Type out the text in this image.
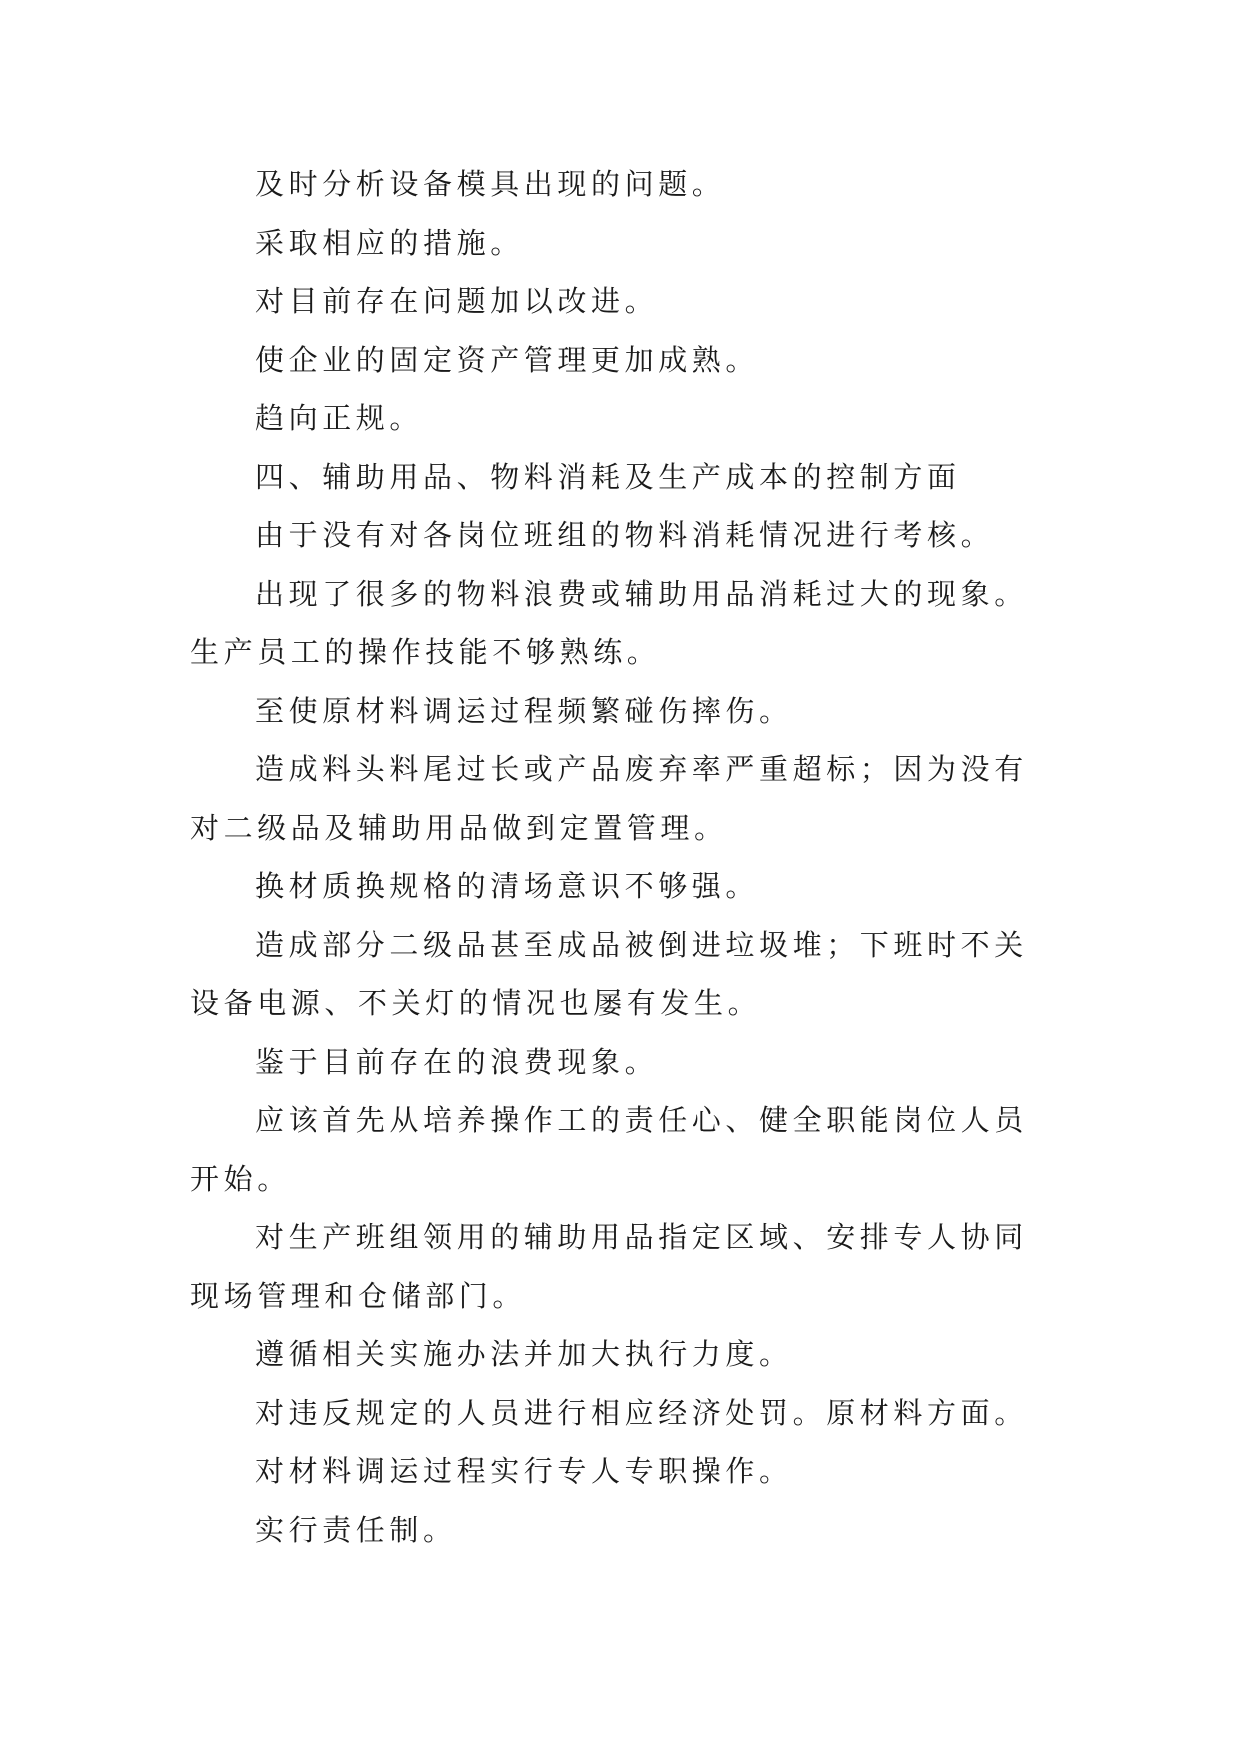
及时分析设备模具出现的问题。

采取相应的措施。

对目前存在问题加以改进。

使企业的固定资产管理更加成熟。

趋向正规。

四、辅助用品、物料消耗及生产成本的控制方面

由于没有对各岗位班组的物料消耗情况进行考核。

出现了很多的物料浪费或辅助用品消耗过大的现象。生产员工的操作技能不够熟练。

至使原材料调运过程频繁碰伤摔伤。

造成料头料尾过长或产品废弃率严重超标；因为没有对二级品及辅助用品做到定置管理。

换材质换规格的清场意识不够强。

造成部分二级品甚至成品被倒进垃圾堆；下班时不关设备电源、不关灯的情况也屡有发生。

鉴于目前存在的浪费现象。

应该首先从培养操作工的责任心、健全职能岗位人员开始。

对生产班组领用的辅助用品指定区域、安排专人协同现场管理和仓储部门。

遵循相关实施办法并加大执行力度。

对违反规定的人员进行相应经济处罚。原材料方面。

对材料调运过程实行专人专职操作。

实行责任制。
